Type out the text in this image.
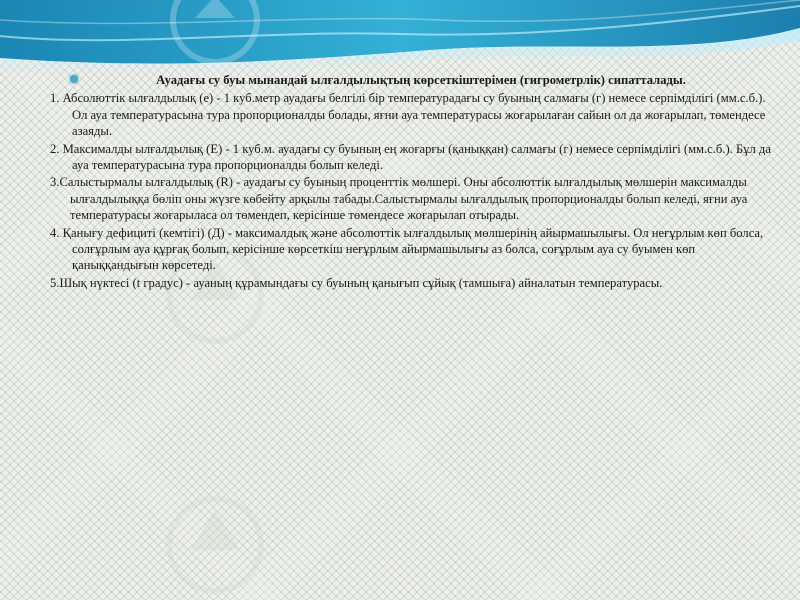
Ауадағы су буы мынандай ылғалдылықтың көрсеткіштерімен (гигрометрлік) сипатталады.

1. Абсолюттік ылғалдылық (е) - 1 куб.метр ауадағы белгілі бір температурадағы су буының салмағы (г) немесе серпімділігі (мм.с.б.). Ол ауа температурасына тура пропорционалды болады, яғни ауа температурасы жоғарылаған сайын ол да жоғарылап, төмендесе азаяды.

2. Максималды ылғалдылық (Е) - 1 куб.м. ауадағы су буының ең жоғарғы (қаныққан) салмағы (г) немесе серпімділігі (мм.с.б.). Бұл да ауа температурасына тура пропорционалды болып келеді.

3.Салыстырмалы ылғалдылық (R) - ауадағы су буының проценттік мөлшері. Оны абсолюттік ылғалдылық мөлшерін максималды ылғалдылыққа бөліп оны жүзге көбейту арқылы табады.Салыстырмалы ылғалдылық пропорционалды болып келеді, яғни ауа температурасы жоғарыласа ол төмендеп, керісінше төмендесе жоғарылап отырады.

4. Қанығу дефициті (кемтігі) (Д) - максималдық және абсолюттік ылғалдылық мөлшерінің айырмашылығы. Ол неғұрлым көп болса, солғұрлым ауа құрғақ болып, керісінше көрсеткіш неғұрлым айырмашылығы аз болса, соғұрлым ауа су буымен көп қаныққандығын көрсетеді.

5.Шық нүктесі (t градус) - ауаның құрамындағы су буының қанығып сұйық (тамшыға) айналатын температурасы.
